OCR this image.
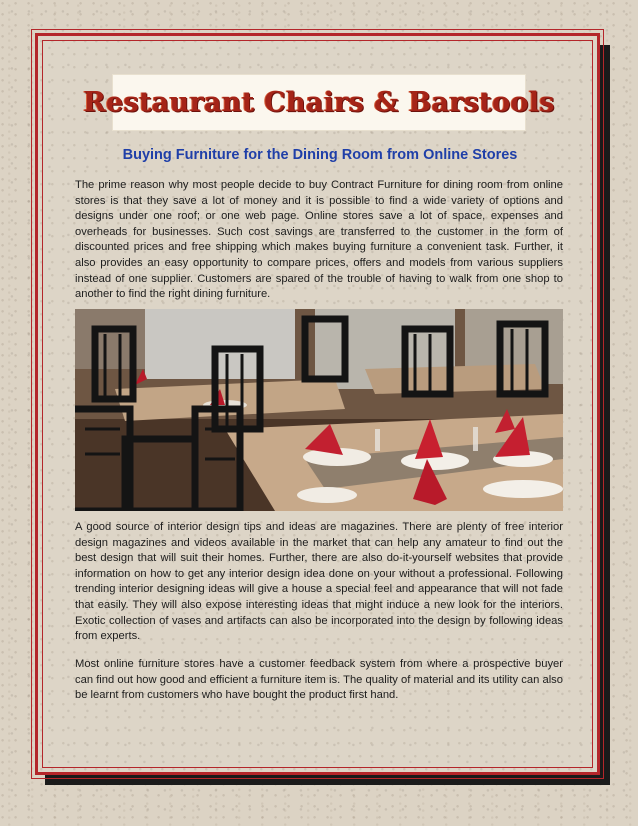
Restaurant Chairs & Barstools
Buying Furniture for the Dining Room from Online Stores

The prime reason why most people decide to buy Contract Furniture for dining room from online stores is that they save a lot of money and it is possible to find a wide variety of options and designs under one roof; or one web page. Online stores save a lot of space, expenses and overheads for businesses. Such cost savings are transferred to the customer in the form of discounted prices and free shipping which makes buying furniture a convenient task. Further, it also provides an easy opportunity to compare prices, offers and models from various suppliers instead of one supplier. Customers are spared of the trouble of having to walk from one shop to another to find the right dining furniture.

A good source of interior design tips and ideas are magazines. There are plenty of free interior design magazines and videos available in the market that can help any amateur to find out the best design that will suit their homes. Further, there are also do-it-yourself websites that provide information on how to get any interior design idea done on your without a professional. Following trending interior designing ideas will give a house a special feel and appearance that will not fade that easily. They will also expose interesting ideas that might induce a new look for the interiors. Exotic collection of vases and artifacts can also be incorporated into the design by following ideas from experts.

Most online furniture stores have a customer feedback system from where a prospective buyer can find out how good and efficient a furniture item is. The quality of material and its utility can also be learnt from customers who have bought the product first hand.
